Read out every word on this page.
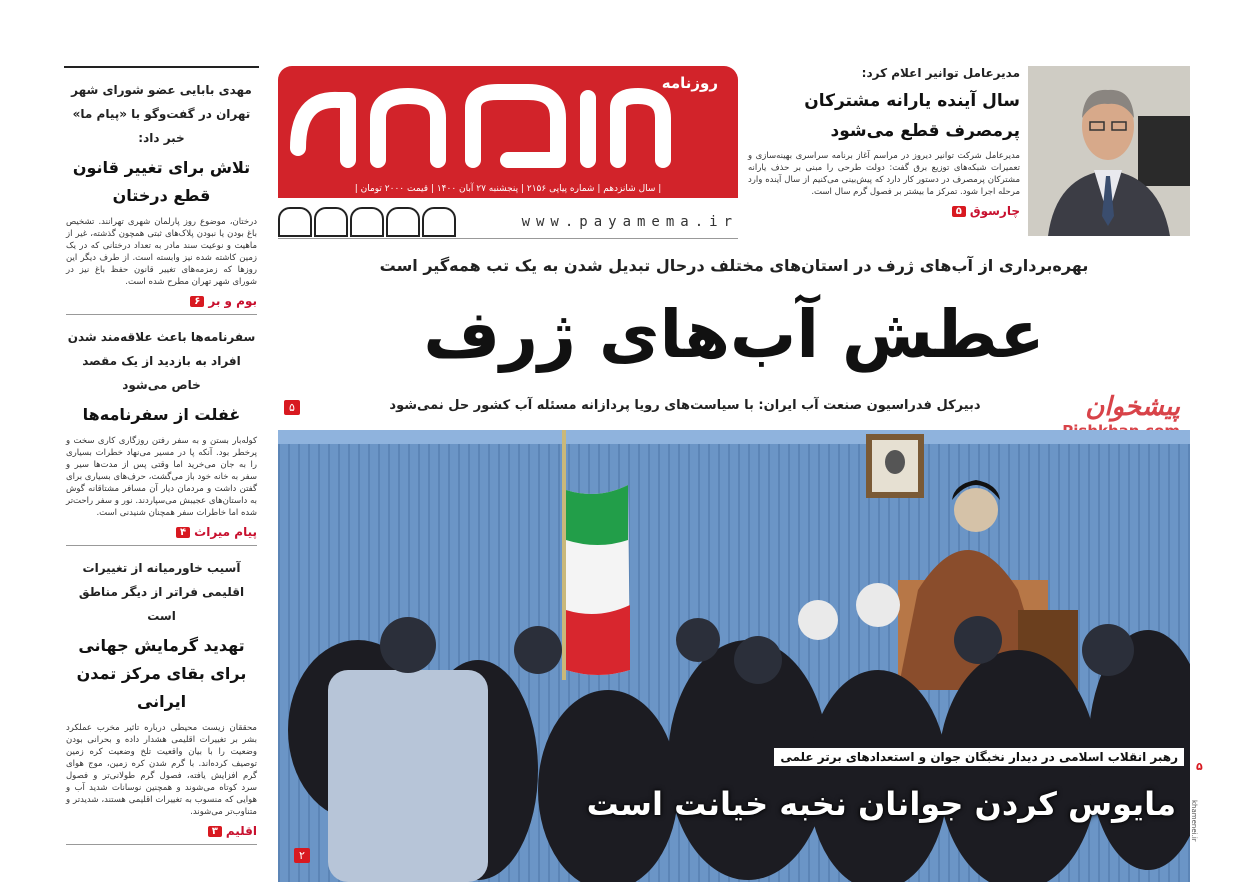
مهدی بابایی عضو شورای شهر تهران در گفت‌وگو با «پیام ما» خبر داد:
تلاش برای تغییر قانون قطع درختان
درختان، موضوع روز پارلمان شهری تهرانند. تشخیص باغ بودن یا نبودن پلاک‌های ثبتی همچون گذشته، غیر از ماهیت و نوعیت سند مادر به تعداد درختانی که در یک زمین کاشته شده نیز وابسته است. از طرف دیگر این روزها که زمزمه‌های تغییر قانون حفظ باغ نیز در شورای شهر تهران مطرح شده است.
بوم و بر
۶
سفرنامه‌ها باعث علاقه‌مند شدن افراد به بازدید از یک مقصد خاص می‌شود
غفلت از سفرنامه‌ها
کوله‌بار بستن و به سفر رفتن روزگاری کاری سخت و پرخطر بود. آنکه پا در مسیر می‌نهاد خطرات بسیاری را به جان می‌خرید اما وقتی پس از مدت‌ها سیر و سفر به خانه خود باز می‌گشت، حرف‌های بسیاری برای گفتن داشت و مردمان دیار آن مسافر مشتاقانه گوش به داستان‌های عجیبش می‌سپاردند. نور و سفر راحت‌تر شده اما خاطرات سفر همچنان شنیدنی است.
پیام میراث
۴
آسیب خاورمیانه از تغییرات اقلیمی فراتر از دیگر مناطق است
تهدید گرمایش جهانی برای بقای مرکز تمدن ایرانی
محققان زیست محیطی درباره تاثیر مخرب عملکرد بشر بر تغییرات اقلیمی هشدار داده و بحرانی بودن وضعیت را با بیان واقعیت تلخ وضعیت کره زمین توصیف کرده‌اند. با گرم شدن کره زمین، موج هوای گرم افزایش یافته، فصول گرم طولانی‌تر و فصول سرد کوتاه می‌شوند و همچنین نوسانات شدید آب و هوایی که منسوب به تغییرات اقلیمی هستند، شدیدتر و متناوب‌تر می‌شوند.
اقلیم
۳
روزنامه
پیام ما
| سال شانزدهم | شماره پیاپی ۲۱۵۶ | پنجشنبه ۲۷ آبان ۱۴۰۰ | قیمت ۲۰۰۰ تومان |
www.payamema.ir
مدیرعامل توانیر اعلام کرد:
سال آینده یارانه مشترکان پرمصرف قطع می‌شود
مدیرعامل شرکت توانیر دیروز در مراسم آغاز برنامه سراسری بهینه‌سازی و تعمیرات شبکه‌های توزیع برق گفت: دولت طرحی را مبنی بر حذف یارانه مشترکان پرمصرف در دستور کار دارد که پیش‌بینی می‌کنیم از سال آینده وارد مرحله اجرا شود. تمرکز ما بیشتر بر فصول گرم سال است.
چارسوق
۵
بهره‌برداری از آب‌های ژرف در استان‌های مختلف درحال تبدیل شدن به یک تب همه‌گیر است
عطش آب‌های ژرف
دبیرکل فدراسیون صنعت آب ایران: با سیاست‌های رویا پردازانه مسئله آب کشور حل نمی‌شود
۵	پیشخوان
رهبر انقلاب اسلامی در دیدار نخبگان جوان و استعدادهای برتر علمی
مایوس کردن جوانان نخبه خیانت است
۲
۵
khamenei.ir
